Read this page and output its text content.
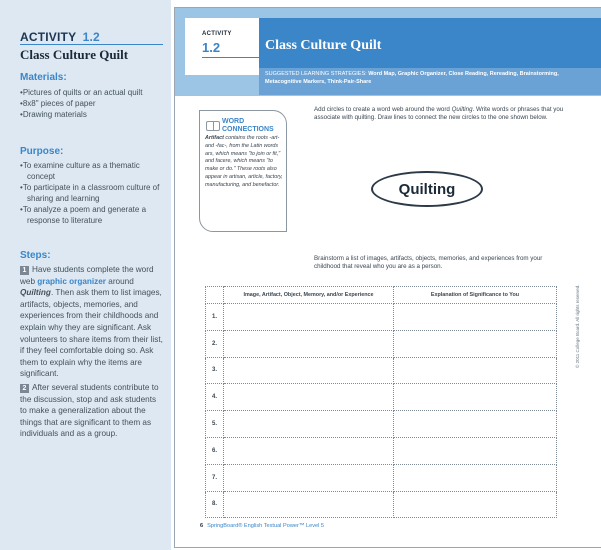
ACTIVITY 1.2
Class Culture Quilt
Materials:
• Pictures of quilts or an actual quilt
• 8x8" pieces of paper
• Drawing materials
Purpose:
• To examine culture as a thematic concept
• To participate in a classroom culture of sharing and learning
• To analyze a poem and generate a response to literature
Steps:

1 Have students complete the word web graphic organizer around Quilting. Then ask them to list images, artifacts, objects, memories, and experiences from their childhoods and explain why they are significant. Ask volunteers to share items from their list, if they feel comfortable doing so. Ask them to explain why the items are significant.

2 After several students contribute to the discussion, stop and ask students to make a generalization about the things that are significant to them as individuals and as a group.

ACTIVITY
1.2	Class Culture Quilt
SUGGESTED LEARNING STRATEGIES: Word Map, Graphic Organizer, Close Reading, Rereading, Brainstorming, Metacognitive Markers, Think-Pair-Share
WORD
CONNECTIONS
Artifact contains the roots -art- and -fac-, from the Latin words ars, which means "to join or fit," and facere, which means "to make or do." These roots also appear in artisan, article, factory, manufacturing, and benefactor.
Add circles to create a word web around the word Quilting. Write words or phrases that you associate with quilting. Draw lines to connect the new circles to the one shown below.
Quilting
Brainstorm a list of images, artifacts, objects, memories, and experiences from your childhood that reveal who you are as a person.
	Image, Artifact, Object, Memory, and/or Experience	Explanation of Significance to You
1.		
2.		
3.		
4.		
5.		
6.		
7.		
8.		
6 SpringBoard® English Textual Power™ Level 5
© 2011 College Board. All rights reserved.
